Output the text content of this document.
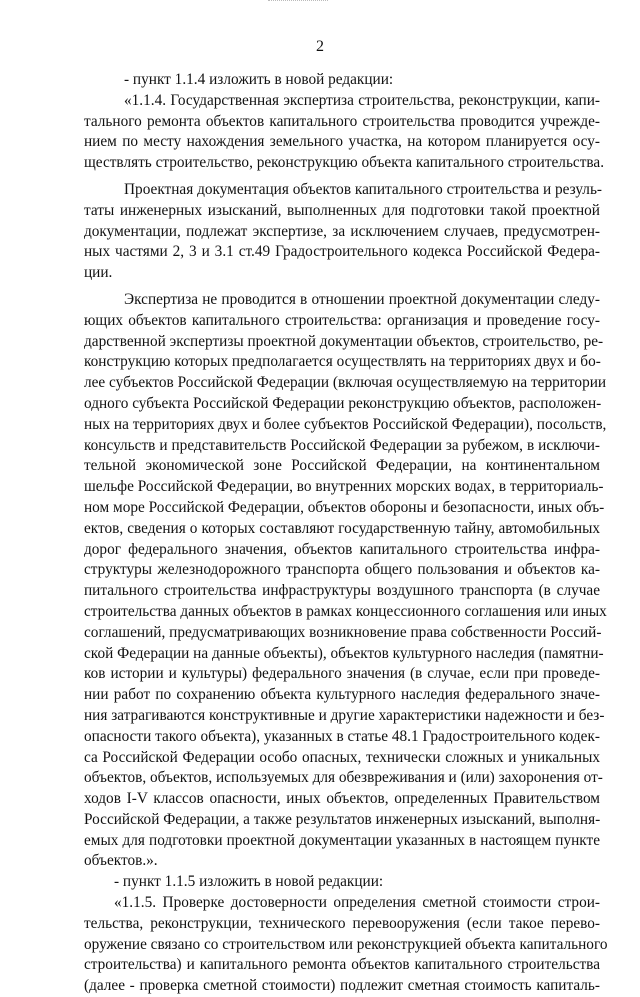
2
- пункт 1.1.4 изложить в новой редакции:
«1.1.4. Государственная экспертиза строительства, реконструкции, капи-
тального ремонта объектов капитального строительства проводится учрежде-
нием по месту нахождения земельного участка, на котором планируется осу-
ществлять строительство, реконструкцию объекта капитального строительства.
Проектная документация объектов капитального строительства и резуль-
таты инженерных изысканий, выполненных для подготовки такой проектной
документации, подлежат экспертизе, за исключением случаев, предусмотрен-
ных частями 2, 3 и 3.1 ст.49 Градостроительного кодекса Российской Федера-
ции.
Экспертиза не проводится в отношении проектной документации следу-
ющих объектов капитального строительства: организация и проведение госу-
дарственной экспертизы проектной документации объектов, строительство, ре-
конструкцию которых предполагается осуществлять на территориях двух и бо-
лее субъектов Российской Федерации (включая осуществляемую на территории
одного субъекта Российской Федерации реконструкцию объектов, расположен-
ных на территориях двух и более субъектов Российской Федерации), посольств,
консульств и представительств Российской Федерации за рубежом, в исключи-
тельной экономической зоне Российской Федерации, на континентальном
шельфе Российской Федерации, во внутренних морских водах, в территориаль-
ном море Российской Федерации, объектов обороны и безопасности, иных объ-
ектов, сведения о которых составляют государственную тайну, автомобильных
дорог федерального значения, объектов капитального строительства инфра-
структуры железнодорожного транспорта общего пользования и объектов ка-
питального строительства инфраструктуры воздушного транспорта (в случае
строительства данных объектов в рамках концессионного соглашения или иных
соглашений, предусматривающих возникновение права собственности Россий-
ской Федерации на данные объекты), объектов культурного наследия (памятни-
ков истории и культуры) федерального значения (в случае, если при проведе-
нии работ по сохранению объекта культурного наследия федерального значе-
ния затрагиваются конструктивные и другие характеристики надежности и без-
опасности такого объекта), указанных в статье 48.1 Градостроительного кодек-
са Российской Федерации особо опасных, технически сложных и уникальных
объектов, объектов, используемых для обезвреживания и (или) захоронения от-
ходов I-V классов опасности, иных объектов, определенных Правительством
Российской Федерации, а также результатов инженерных изысканий, выполня-
емых для подготовки проектной документации указанных в настоящем пункте
объектов.».
- пункт 1.1.5 изложить в новой редакции:
«1.1.5. Проверке достоверности определения сметной стоимости строи-
тельства, реконструкции, технического перевооружения (если такое перево-
оружение связано со строительством или реконструкцией объекта капитального
строительства) и капитального ремонта объектов капитального строительства
(далее - проверка сметной стоимости) подлежит сметная стоимость капиталь-
